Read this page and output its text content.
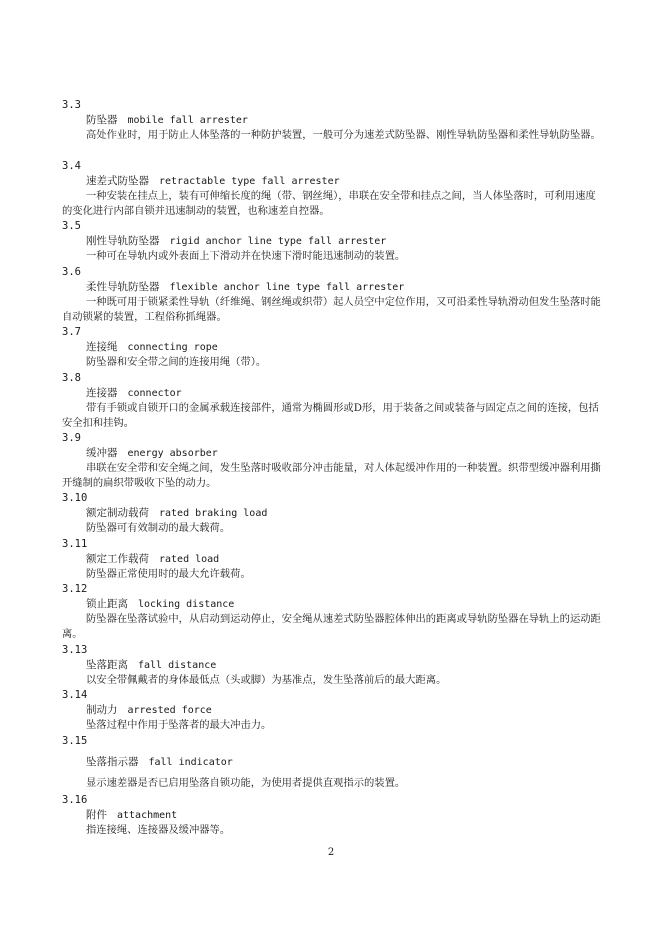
3.3
防坠器 mobile fall arrester
高处作业时，用于防止人体坠落的一种防护装置，一般可分为速差式防坠器、刚性导轨防坠器和柔性导轨防坠器。
3.4
速差式防坠器 retractable type fall arrester
一种安装在挂点上，装有可伸缩长度的绳（带、钢丝绳），串联在安全带和挂点之间，当人体坠落时，可利用速度的变化进行内部自锁并迅速制动的装置，也称速差自控器。
3.5
刚性导轨防坠器 rigid anchor line type fall arrester
一种可在导轨内或外表面上下滑动并在快速下滑时能迅速制动的装置。
3.6
柔性导轨防坠器 flexible anchor line type fall arrester
一种既可用于锁紧柔性导轨（纤维绳、钢丝绳或织带）起人员空中定位作用，又可沿柔性导轨滑动但发生坠落时能自动锁紧的装置，工程俗称抓绳器。
3.7
连接绳 connecting rope
防坠器和安全带之间的连接用绳（带）。
3.8
连接器 connector
带有手锁或自锁开口的金属承载连接部件，通常为椭圆形或D形，用于装备之间或装备与固定点之间的连接，包括安全扣和挂钩。
3.9
缓冲器 energy absorber
串联在安全带和安全绳之间，发生坠落时吸收部分冲击能量，对人体起缓冲作用的一种装置。织带型缓冲器利用撕开缝制的扁织带吸收下坠的动力。
3.10
额定制动载荷 rated braking load
防坠器可有效制动的最大载荷。
3.11
额定工作载荷 rated load
防坠器正常使用时的最大允许载荷。
3.12
锁止距离 locking distance
防坠器在坠落试验中，从启动到运动停止，安全绳从速差式防坠器腔体伸出的距离或导轨防坠器在导轨上的运动距离。
3.13
坠落距离 fall distance
以安全带佩戴者的身体最低点（头或脚）为基准点，发生坠落前后的最大距离。
3.14
制动力 arrested force
坠落过程中作用于坠落者的最大冲击力。
3.15
坠落指示器 fall indicator
显示速差器是否已启用坠落自锁功能，为使用者提供直观指示的装置。
3.16
附件 attachment
指连接绳、连接器及缓冲器等。
2
